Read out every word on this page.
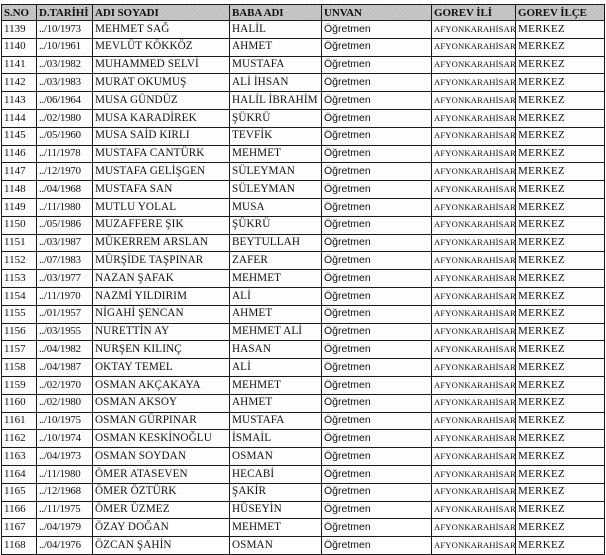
S.NO	D.TARİHİ	ADI SOYADI	BABA ADI	UNVAN	GOREV İLİ	GOREV İLÇE
1139	../10/1973	MEHMET SAĞ	HALİL	Öğretmen	AFYONKARAHİSAR	MERKEZ
1140	../10/1961	MEVLÜT KÖKKÖZ	AHMET	Öğretmen	AFYONKARAHİSAR	MERKEZ
1141	../03/1982	MUHAMMED SELVİ	MUSTAFA	Öğretmen	AFYONKARAHİSAR	MERKEZ
1142	../03/1983	MURAT OKUMUŞ	ALİ İHSAN	Öğretmen	AFYONKARAHİSAR	MERKEZ
1143	../06/1964	MUSA GÜNDÜZ	HALİL İBRAHİM	Öğretmen	AFYONKARAHİSAR	MERKEZ
1144	../02/1980	MUSA KARADİREK	ŞÜKRÜ	Öğretmen	AFYONKARAHİSAR	MERKEZ
1145	../05/1960	MUSA SAİD KIRLI	TEVFİK	Öğretmen	AFYONKARAHİSAR	MERKEZ
1146	../11/1978	MUSTAFA CANTÜRK	MEHMET	Öğretmen	AFYONKARAHİSAR	MERKEZ
1147	../12/1970	MUSTAFA GELİŞGEN	SÜLEYMAN	Öğretmen	AFYONKARAHİSAR	MERKEZ
1148	../04/1968	MUSTAFA SAN	SÜLEYMAN	Öğretmen	AFYONKARAHİSAR	MERKEZ
1149	../11/1980	MUTLU YOLAL	MUSA	Öğretmen	AFYONKARAHİSAR	MERKEZ
1150	../05/1986	MUZAFFERE ŞIK	ŞÜKRÜ	Öğretmen	AFYONKARAHİSAR	MERKEZ
1151	../03/1987	MÜKERREM ARSLAN	BEYTULLAH	Öğretmen	AFYONKARAHİSAR	MERKEZ
1152	../07/1983	MÜRŞİDE TAŞPINAR	ZAFER	Öğretmen	AFYONKARAHİSAR	MERKEZ
1153	../03/1977	NAZAN ŞAFAK	MEHMET	Öğretmen	AFYONKARAHİSAR	MERKEZ
1154	../11/1970	NAZMİ YILDIRIM	ALİ	Öğretmen	AFYONKARAHİSAR	MERKEZ
1155	../01/1957	NİGAHİ ŞENCAN	AHMET	Öğretmen	AFYONKARAHİSAR	MERKEZ
1156	../03/1955	NURETTİN AY	MEHMET ALİ	Öğretmen	AFYONKARAHİSAR	MERKEZ
1157	../04/1982	NURŞEN KILINÇ	HASAN	Öğretmen	AFYONKARAHİSAR	MERKEZ
1158	../04/1987	OKTAY TEMEL	ALİ	Öğretmen	AFYONKARAHİSAR	MERKEZ
1159	../02/1970	OSMAN AKÇAKAYA	MEHMET	Öğretmen	AFYONKARAHİSAR	MERKEZ
1160	../02/1980	OSMAN AKSOY	AHMET	Öğretmen	AFYONKARAHİSAR	MERKEZ
1161	../10/1975	OSMAN GÜRPINAR	MUSTAFA	Öğretmen	AFYONKARAHİSAR	MERKEZ
1162	../10/1974	OSMAN KESKİNOĞLU	İSMAİL	Öğretmen	AFYONKARAHİSAR	MERKEZ
1163	../04/1973	OSMAN SOYDAN	OSMAN	Öğretmen	AFYONKARAHİSAR	MERKEZ
1164	../11/1980	ÖMER ATASEVEN	HECABİ	Öğretmen	AFYONKARAHİSAR	MERKEZ
1165	../12/1968	ÖMER ÖZTÜRK	ŞAKİR	Öğretmen	AFYONKARAHİSAR	MERKEZ
1166	../11/1975	ÖMER ÜZMEZ	HÜSEYİN	Öğretmen	AFYONKARAHİSAR	MERKEZ
1167	../04/1979	ÖZAY DOĞAN	MEHMET	Öğretmen	AFYONKARAHİSAR	MERKEZ
1168	../04/1976	ÖZCAN ŞAHİN	OSMAN	Öğretmen	AFYONKARAHİSAR	MERKEZ
